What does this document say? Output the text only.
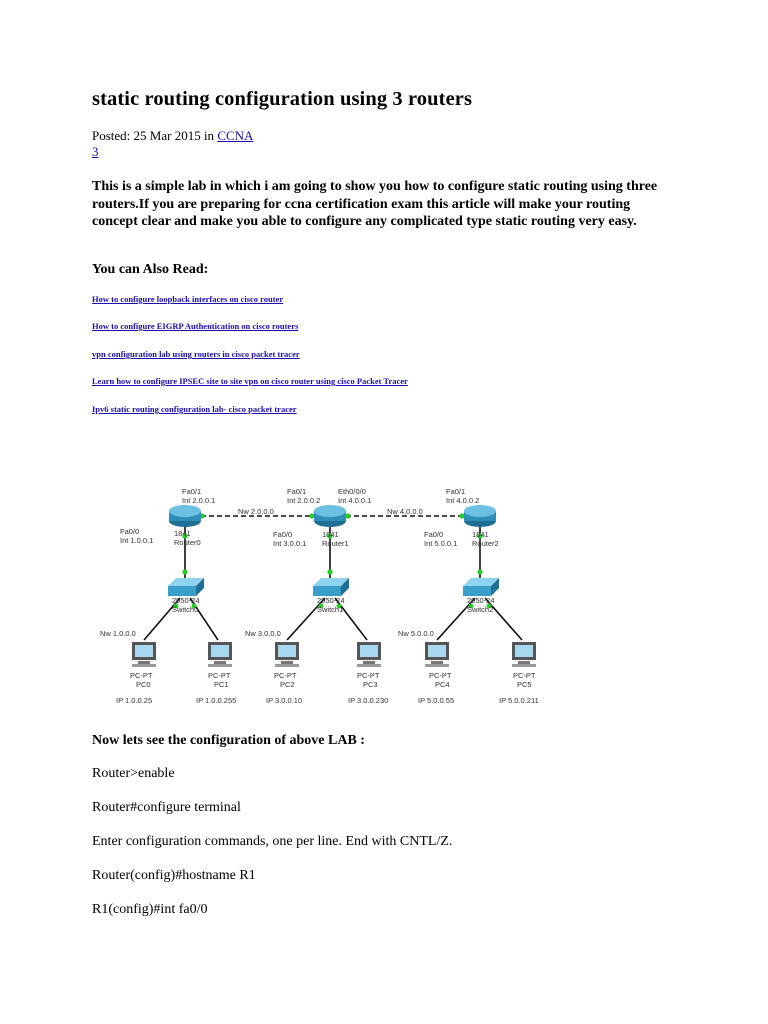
static routing configuration using 3 routers
Posted: 25 Mar 2015 in CCNA
3

This is a simple lab in which i am going to show you how to configure static routing using three routers.If you are preparing for ccna certification exam this article will make your routing concept clear and make you able to configure any complicated type static routing very easy.

You can Also Read:

How to configure loopback interfaces on cisco router
How to configure EIGRP Authentication on cisco routers
vpn configuration lab using routers in cisco packet tracer
Learn how to configure IPSEC site to site vpn on cisco router using cisco Packet Tracer
Ipv6 static routing configuration lab- cisco packet tracer
Fa0/1
Int 2.0.0.1
Fa0/0
Int 1.0.0.1
1841
Router0
Fa0/1
Int 2.0.0.2
Eth0/0/0
Int 4.0.0.1
Fa0/0
Int 3.0.0.1
1841
Router1
Fa0/1
Int 4.0.0.2
Fa0/0
Int 5.0.0.1
1841
Router2
Nw 2.0.0.0	Nw 4.0.0.0
2950-24
Switch0
2950-24
Switch1
2950-24
Switch2
Nw 1.0.0.0	Nw 3.0.0.0	Nw 5.0.0.0
PC-PT
PC0
IP 1.0.0.25
PC-PT
PC1
IP 1.0.0.255
PC-PT
PC2
IP 3.0.0.10
PC-PT
PC3
IP 3.0.0.230
PC-PT
PC4
IP 5.0.0.55
PC-PT
PC5
IP 5.0.0.211

Now lets see the configuration of above LAB :

Router>enable

Router#configure terminal

Enter configuration commands, one per line. End with CNTL/Z.

Router(config)#hostname R1

R1(config)#int fa0/0
